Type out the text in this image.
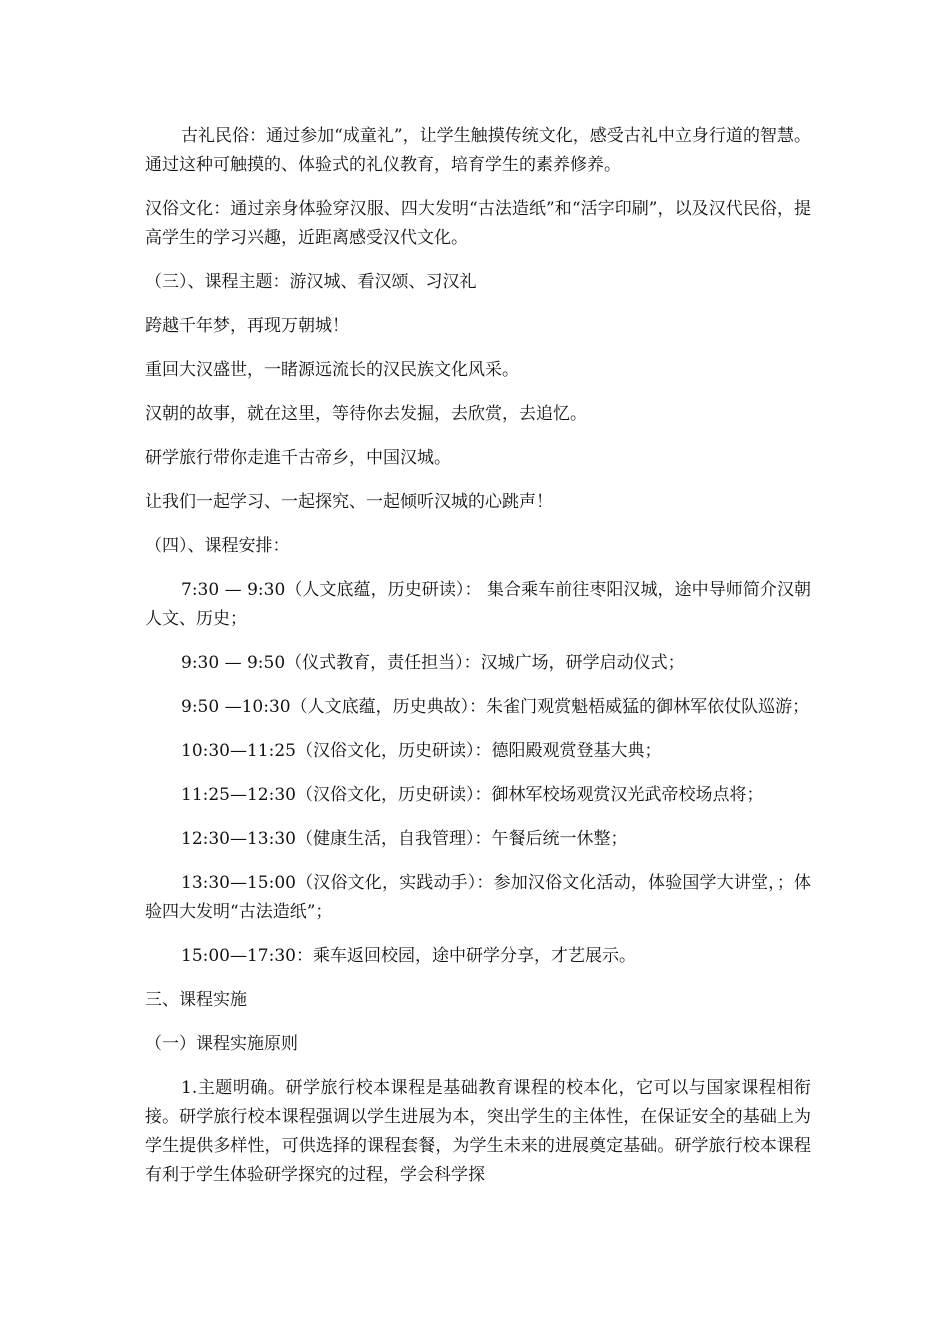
古礼民俗：通过参加“成童礼”，让学生触摸传统文化，感受古礼中立身行道的智慧。通过这种可触摸的、体验式的礼仪教育，培育学生的素养修养。

汉俗文化：通过亲身体验穿汉服、四大发明“古法造纸”和“活字印刷”，以及汉代民俗，提高学生的学习兴趣，近距离感受汉代文化。

（三）、课程主题：游汉城、看汉颂、习汉礼

跨越千年梦，再现万朝城！

重回大汉盛世，一睹源远流长的汉民族文化风采。

汉朝的故事，就在这里，等待你去发掘，去欣赏，去追忆。

研学旅行带你走進千古帝乡，中国汉城。

让我们一起学习、一起探究、一起倾听汉城的心跳声！

（四）、课程安排：

7:30 — 9:30（人文底蕴，历史研读）： 集合乘车前往枣阳汉城，途中导师简介汉朝人文、历史；

9:30 — 9:50（仪式教育，责任担当）：汉城广场，研学启动仪式；

9:50 —10:30（人文底蕴，历史典故）：朱雀门观赏魁梧威猛的御林军依仗队巡游；

10:30—11:25（汉俗文化，历史研读）：德阳殿观赏登基大典；

11:25—12:30（汉俗文化，历史研读）：御林军校场观赏汉光武帝校场点将；

12:30—13:30（健康生活，自我管理）：午餐后统一休整；

13:30—15:00（汉俗文化，实践动手）：参加汉俗文化活动，体验国学大讲堂，；体验四大发明“古法造纸”；

15:00—17:30：乘车返回校园，途中研学分享，才艺展示。

三、课程实施

（一）课程实施原则

1.主题明确。研学旅行校本课程是基础教育课程的校本化，它可以与国家课程相衔接。研学旅行校本课程强调以学生进展为本，突出学生的主体性，在保证安全的基础上为学生提供多样性，可供选择的课程套餐，为学生未来的进展奠定基础。研学旅行校本课程有利于学生体验研学探究的过程，学会科学探
